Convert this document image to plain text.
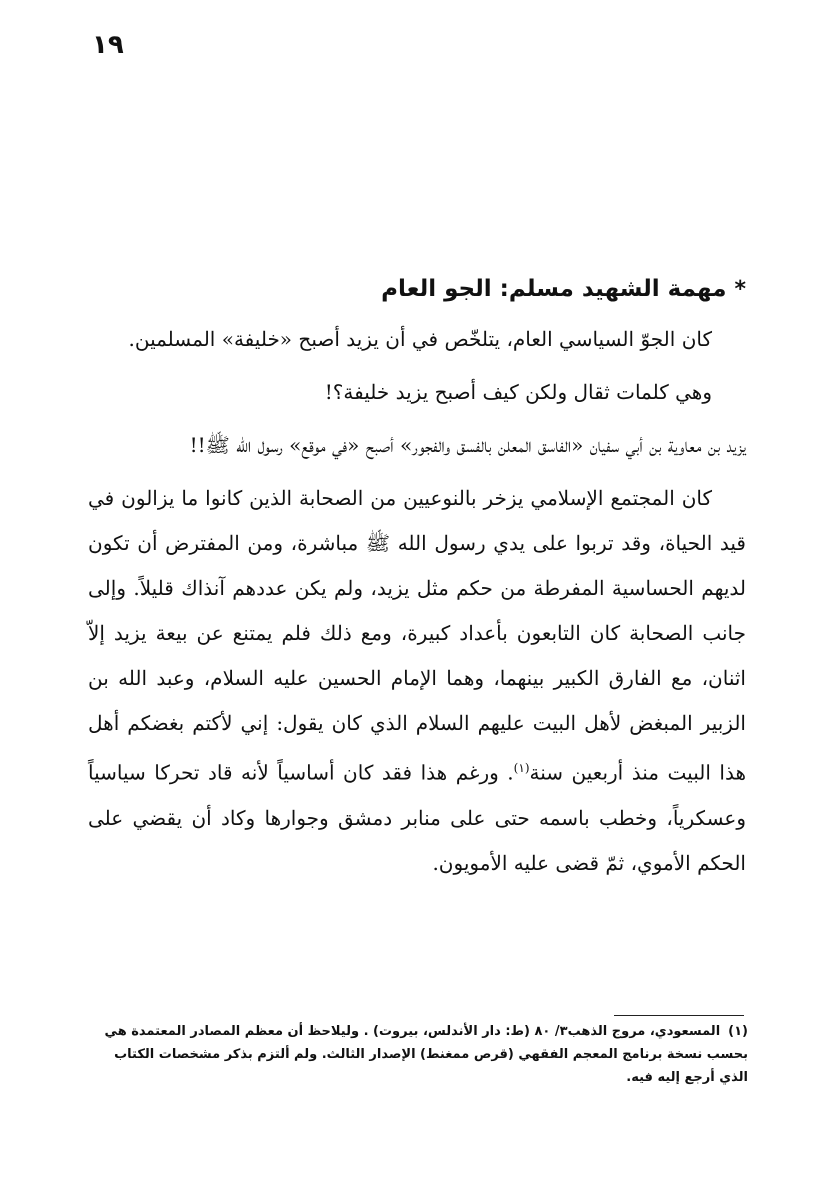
١٩
*مهمة الشهيد مسلم: الجو العام

كان الجوّ السياسي العام، يتلخّص في أن يزيد أصبح «خليفة» المسلمين.

وهي كلمات ثقال ولكن كيف أصبح يزيد خليفة؟!

يزيد بن معاوية بن أبي سفيان «الفاسق المعلن بالفسق والفجور» أصبح «في موقع» رسول الله ﷺ!!

كان المجتمع الإسلامي يزخر بالنوعيين من الصحابة الذين كانوا ما يزالون في قيد الحياة، وقد تربوا على يدي رسول الله ﷺ مباشرة، ومن المفترض أن تكون لديهم الحساسية المفرطة من حكم مثل يزيد، ولم يكن عددهم آنذاك قليلاً. وإلى جانب الصحابة كان التابعون بأعداد كبيرة، ومع ذلك فلم يمتنع عن بيعة يزيد إلاّ اثنان، مع الفارق الكبير بينهما، وهما الإمام الحسين عليه السلام، وعبد الله بن الزبير المبغض لأهل البيت عليهم السلام الذي كان يقول: إني لأكتم بغضكم أهل هذا البيت منذ أربعين سنة$^{(١)}$. ورغم هذا فقد كان أساسياً لأنه قاد تحركا سياسياً وعسكرياً، وخطب باسمه حتى على منابر دمشق وجوارها وكاد أن يقضي على الحكم الأموي، ثمّ قضى عليه الأمويون.

(١)المسعودي، مروج الذهب٣/ ٨٠ (ط: دار الأندلس، بيروت) . وليلاحظ أن معظم المصادر المعتمدة هي بحسب نسخة برنامج المعجم الفقهي (قرص ممغنط) الإصدار الثالث. ولم ألتزم بذكر مشخصات الكتاب الذي أرجع إليه فيه.
